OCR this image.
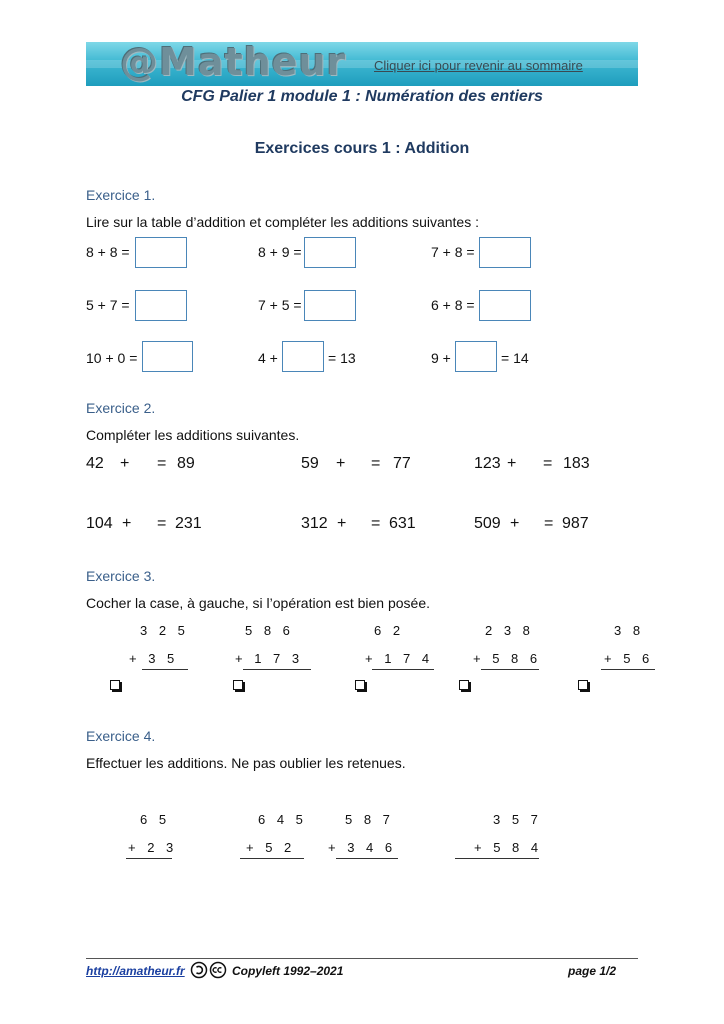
@Matheur Cliquer ici pour revenir au sommaire
CFG Palier 1 module 1 : Numération des entiers
Exercices cours 1 : Addition
Exercice 1.
Lire sur la table d’addition et compléter les additions suivantes :
8 + 8 =	8 + 9 =	7 + 8 =
5 + 7 =	7 + 5 =	6 + 8 =
10 + 0 =	4 +	= 13	9 +	= 14
Exercice 2.
Compléter les additions suivantes.
42 + = 89	59 + = 77	123 + = 183
104 + = 231	312 + = 631	509 + = 987
Exercice 3.
Cocher la case, à gauche, si l’opération est bien posée.
3 2 5
+ 3 5
5 8 6
+ 1 7 3
6 2
+ 1 7 4
2 3 8
+ 5 8 6
3 8
+ 5 6
Exercice 4.
Effectuer les additions. Ne pas oublier les retenues.
6 5
+ 2 3
6 4 5
+ 5 2
5 8 7
+ 3 4 6
3 5 7
+ 5 8 4
http://amatheur.fr	Copyleft 1992–2021	page 1/2
